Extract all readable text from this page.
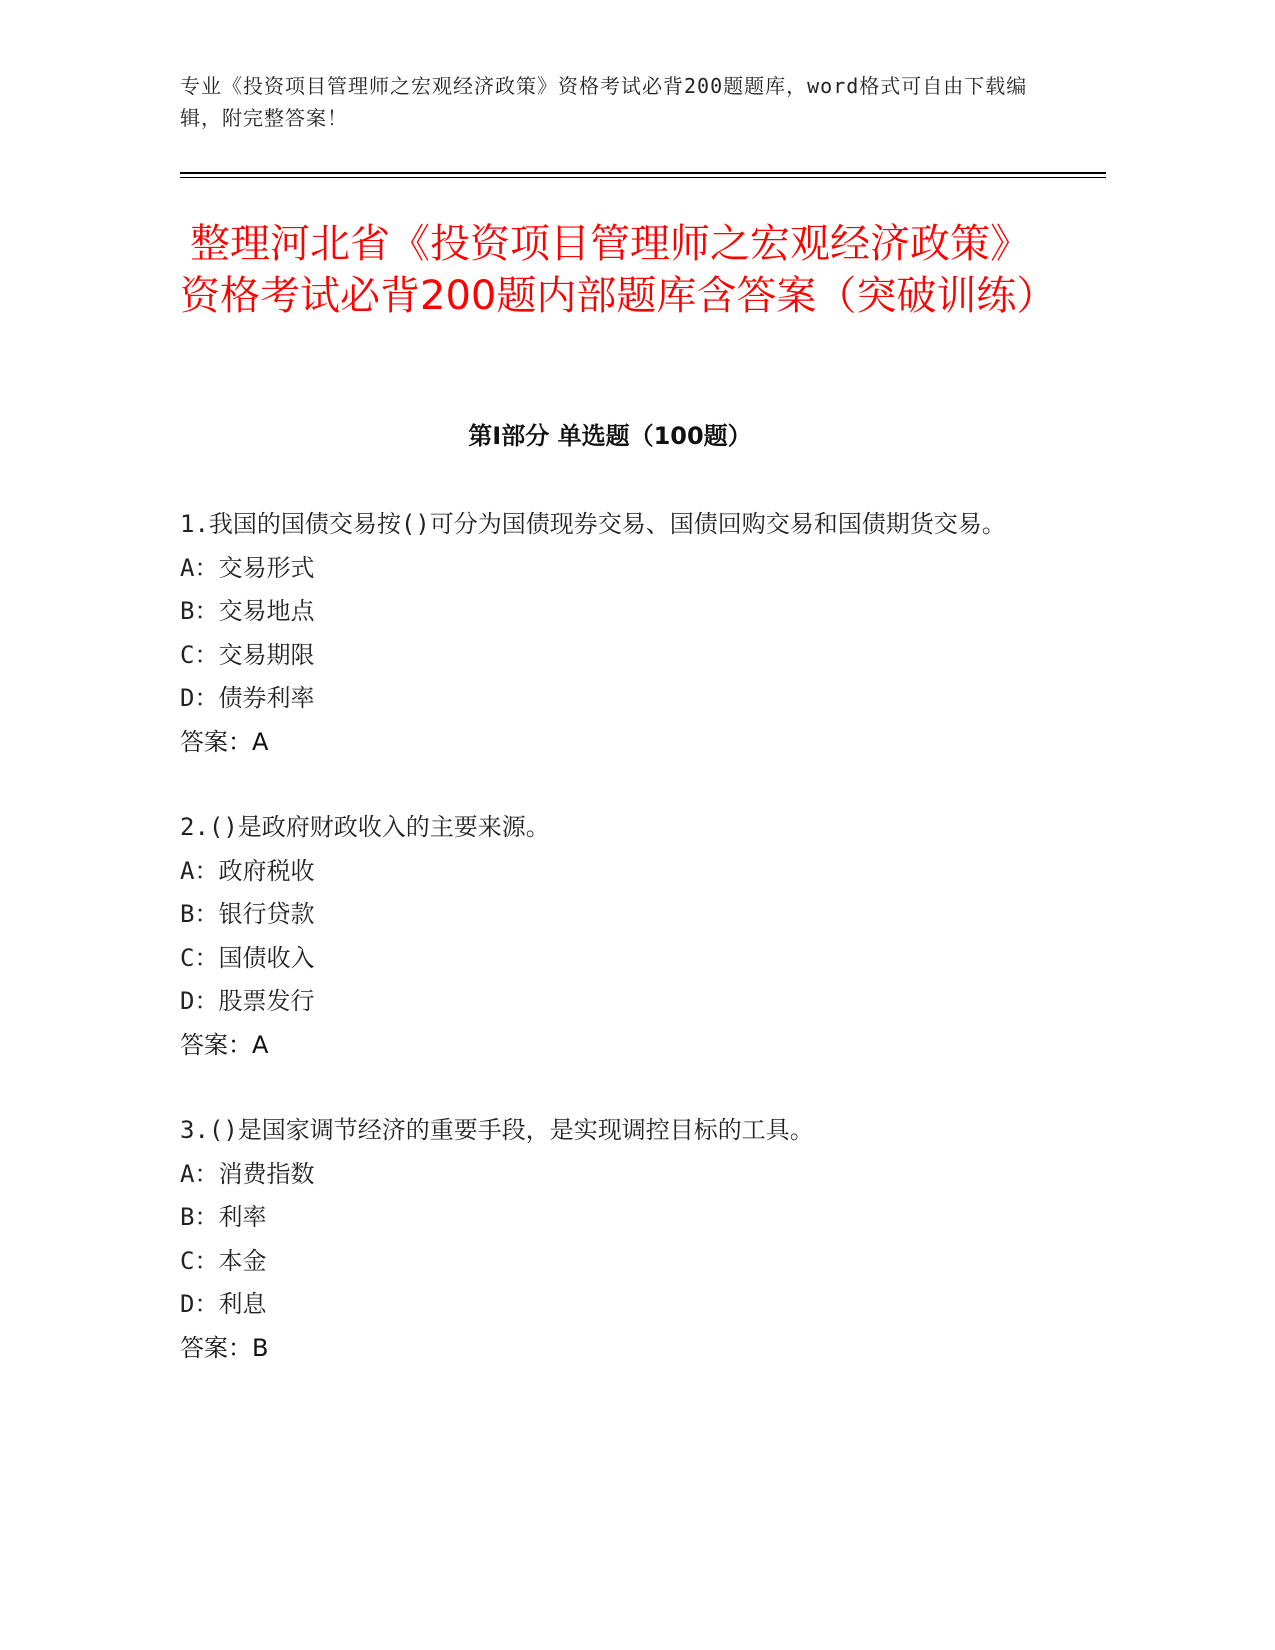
专业《投资项目管理师之宏观经济政策》资格考试必背200题题库，word格式可自由下载编辑，附完整答案！
整理河北省《投资项目管理师之宏观经济政策》资格考试必背200题内部题库含答案（突破训练）
第I部分 单选题（100题）

1.我国的国债交易按()可分为国债现券交易、国债回购交易和国债期货交易。

A：交易形式

B：交易地点

C：交易期限

D：债券利率

答案：A

2.()是政府财政收入的主要来源。

A：政府税收

B：银行贷款

C：国债收入

D：股票发行

答案：A

3.()是国家调节经济的重要手段，是实现调控目标的工具。

A：消费指数

B：利率

C：本金

D：利息

答案：B
